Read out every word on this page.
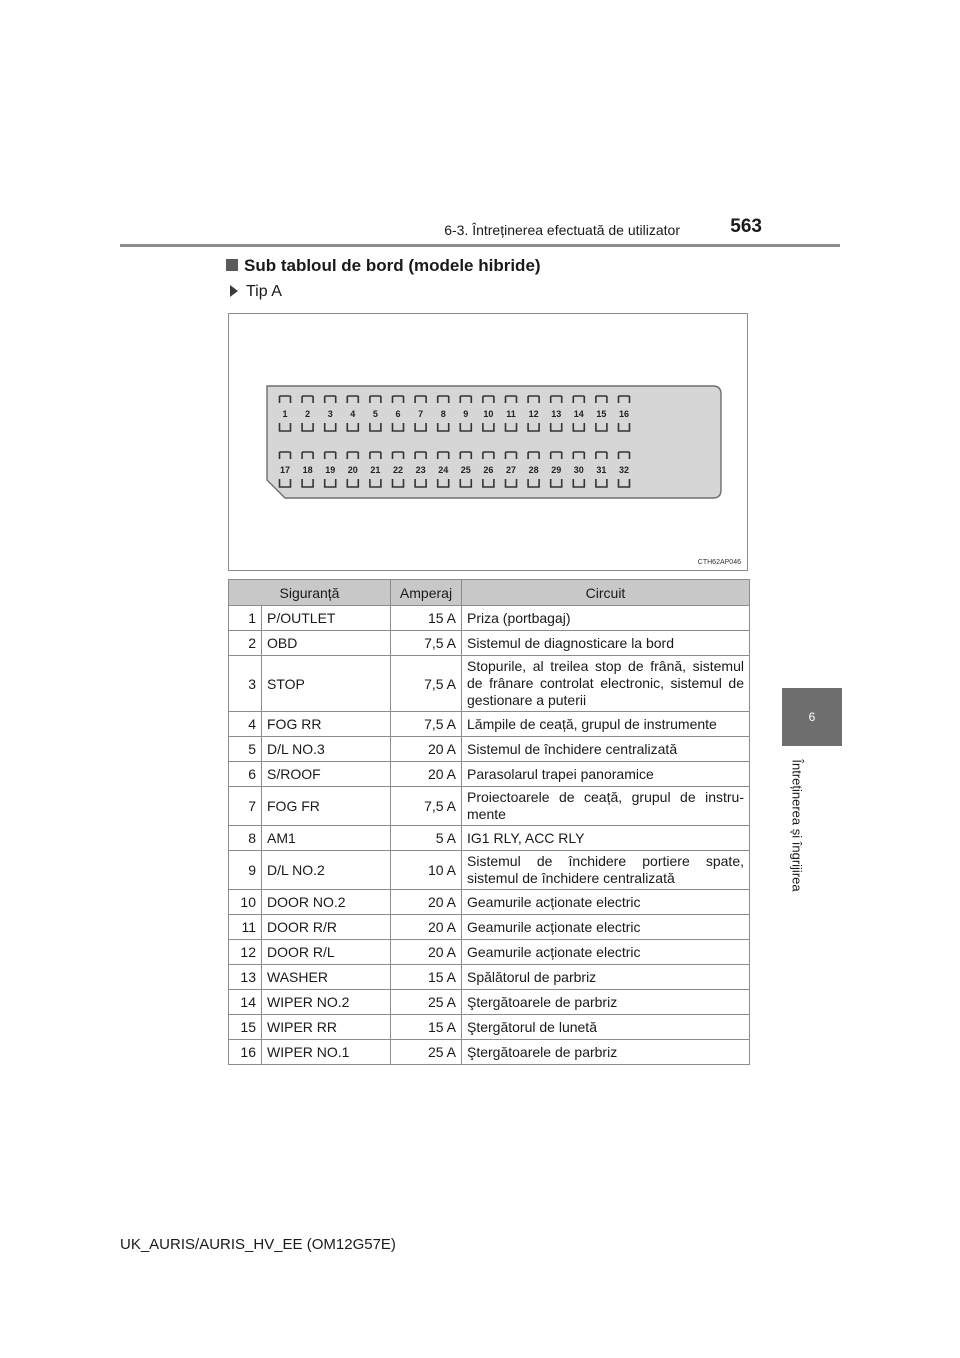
6-3. Întreținerea efectuată de utilizator	563
6
Întreținerea și îngrijirea
Sub tabloul de bord (modele hibride)
Tip A
1 2 3 4 5 6 7 8 9 10 11 12 13 14 15 16
17 18 19 20 21 22 23 24 25 26 27 28 29 30 31 32
CTH62AP046
Siguranță		Amperaj	Circuit
1	P/OUTLET	15 A	Priza (portbagaj)
2	OBD	7,5 A	Sistemul de diagnosticare la bord
3	STOP	7,5 A	Stopurile, al treilea stop de frână, sistemul de frânare controlat electronic, sistemul de gestionare a puterii
4	FOG RR	7,5 A	Lămpile de ceață, grupul de instrumente
5	D/L NO.3	20 A	Sistemul de închidere centralizată
6	S/ROOF	20 A	Parasolarul trapei panoramice
7	FOG FR	7,5 A	Proiectoarele de ceață, grupul de instru- mente
8	AM1	5 A	IG1 RLY, ACC RLY
9	D/L NO.2	10 A	Sistemul de închidere portiere spate, sistemul de închidere centralizată
10	DOOR NO.2	20 A	Geamurile acționate electric
11	DOOR R/R	20 A	Geamurile acționate electric
12	DOOR R/L	20 A	Geamurile acționate electric
13	WASHER	15 A	Spălătorul de parbriz
14	WIPER NO.2	25 A	Ştergătoarele de parbriz
15	WIPER RR	15 A	Ştergătorul de lunetă
16	WIPER NO.1	25 A	Ştergătoarele de parbriz
UK_AURIS/AURIS_HV_EE (OM12G57E)
